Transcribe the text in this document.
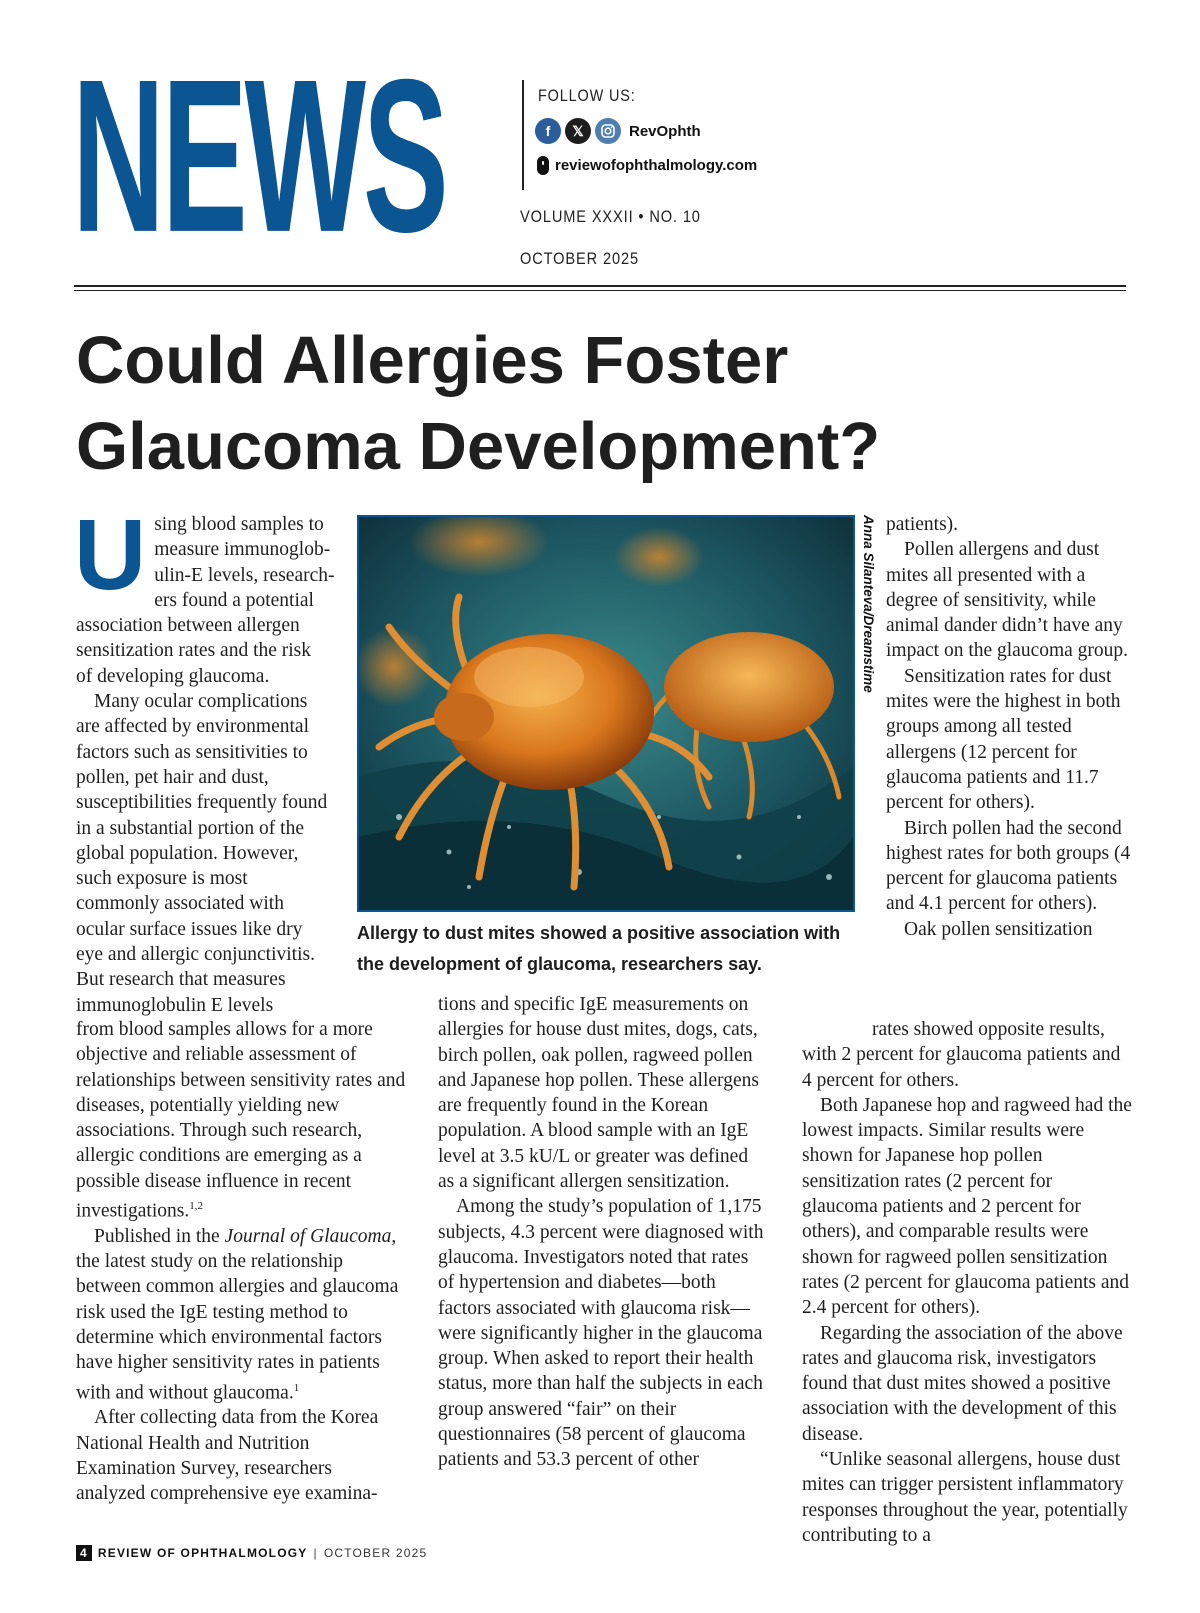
NEWS	FOLLOW US:
f	𝕏	RevOphth
reviewofophthalmology.com
VOLUME XXXII • NO. 10
OCTOBER 2025
Could Allergies Foster
Glaucoma Development?
U sing blood samples to
measure immunoglob-
ulin-E levels, research-
ers found a potential

association between allergen sensitization rates and the risk of developing glaucoma.

Many ocular complications are affected by environmental factors such as sensitivities to pollen, pet hair and dust, susceptibilities frequently found in a substantial portion of the global population. However, such exposure is most commonly associated with ocular surface issues like dry eye and allergic conjunctivitis. But research that measures immunoglobulin E levels

from blood samples allows for a more objective and reliable assessment of relationships between sensitivity rates and diseases, potentially yielding new associations. Through such research, allergic conditions are emerging as a possible disease influence in recent investigations.$^{1,2}$

Published in the Journal of Glaucoma, the latest study on the relationship between common allergies and glaucoma risk used the IgE testing method to determine which environmental factors have higher sensitivity rates in patients with and without glaucoma.$^1$

After collecting data from the Korea National Health and Nutrition Examination Survey, researchers analyzed comprehensive eye examina-

Anna Silanteva/Dreamstime
Allergy to dust mites showed a positive association with
the development of glaucoma, researchers say.

tions and specific IgE measurements on allergies for house dust mites, dogs, cats, birch pollen, oak pollen, ragweed pollen and Japanese hop pollen. These allergens are frequently found in the Korean population. A blood sample with an IgE level at 3.5 kU/L or greater was defined as a significant allergen sensitization.

Among the study’s population of 1,175 subjects, 4.3 percent were diagnosed with glaucoma. Investigators noted that rates of hypertension and diabetes—both factors associated with glaucoma risk—were significantly higher in the glaucoma group. When asked to report their health status, more than half the subjects in each group answered “fair” on their questionnaires (58 percent of glaucoma patients and 53.3 percent of other

patients).

Pollen allergens and dust mites all presented with a degree of sensitivity, while animal dander didn’t have any impact on the glaucoma group.

Sensitization rates for dust mites were the highest in both groups among all tested allergens (12 percent for glaucoma patients and 11.7 percent for others).

Birch pollen had the second highest rates for both groups (4 percent for glaucoma patients and 4.1 percent for others).

Oak pollen sensitization

rates showed opposite results, with 2 percent for glaucoma patients and 4 percent for others.

Both Japanese hop and ragweed had the lowest impacts. Similar results were shown for Japanese hop pollen sensitization rates (2 percent for glaucoma patients and 2 percent for others), and comparable results were shown for ragweed pollen sensitization rates (2 percent for glaucoma patients and 2.4 percent for others).

Regarding the association of the above rates and glaucoma risk, investigators found that dust mites showed a positive association with the development of this disease.

“Unlike seasonal allergens, house dust mites can trigger persistent inflammatory responses throughout the year, potentially contributing to a

4 REVIEW OF OPHTHALMOLOGY | OCTOBER 2025
